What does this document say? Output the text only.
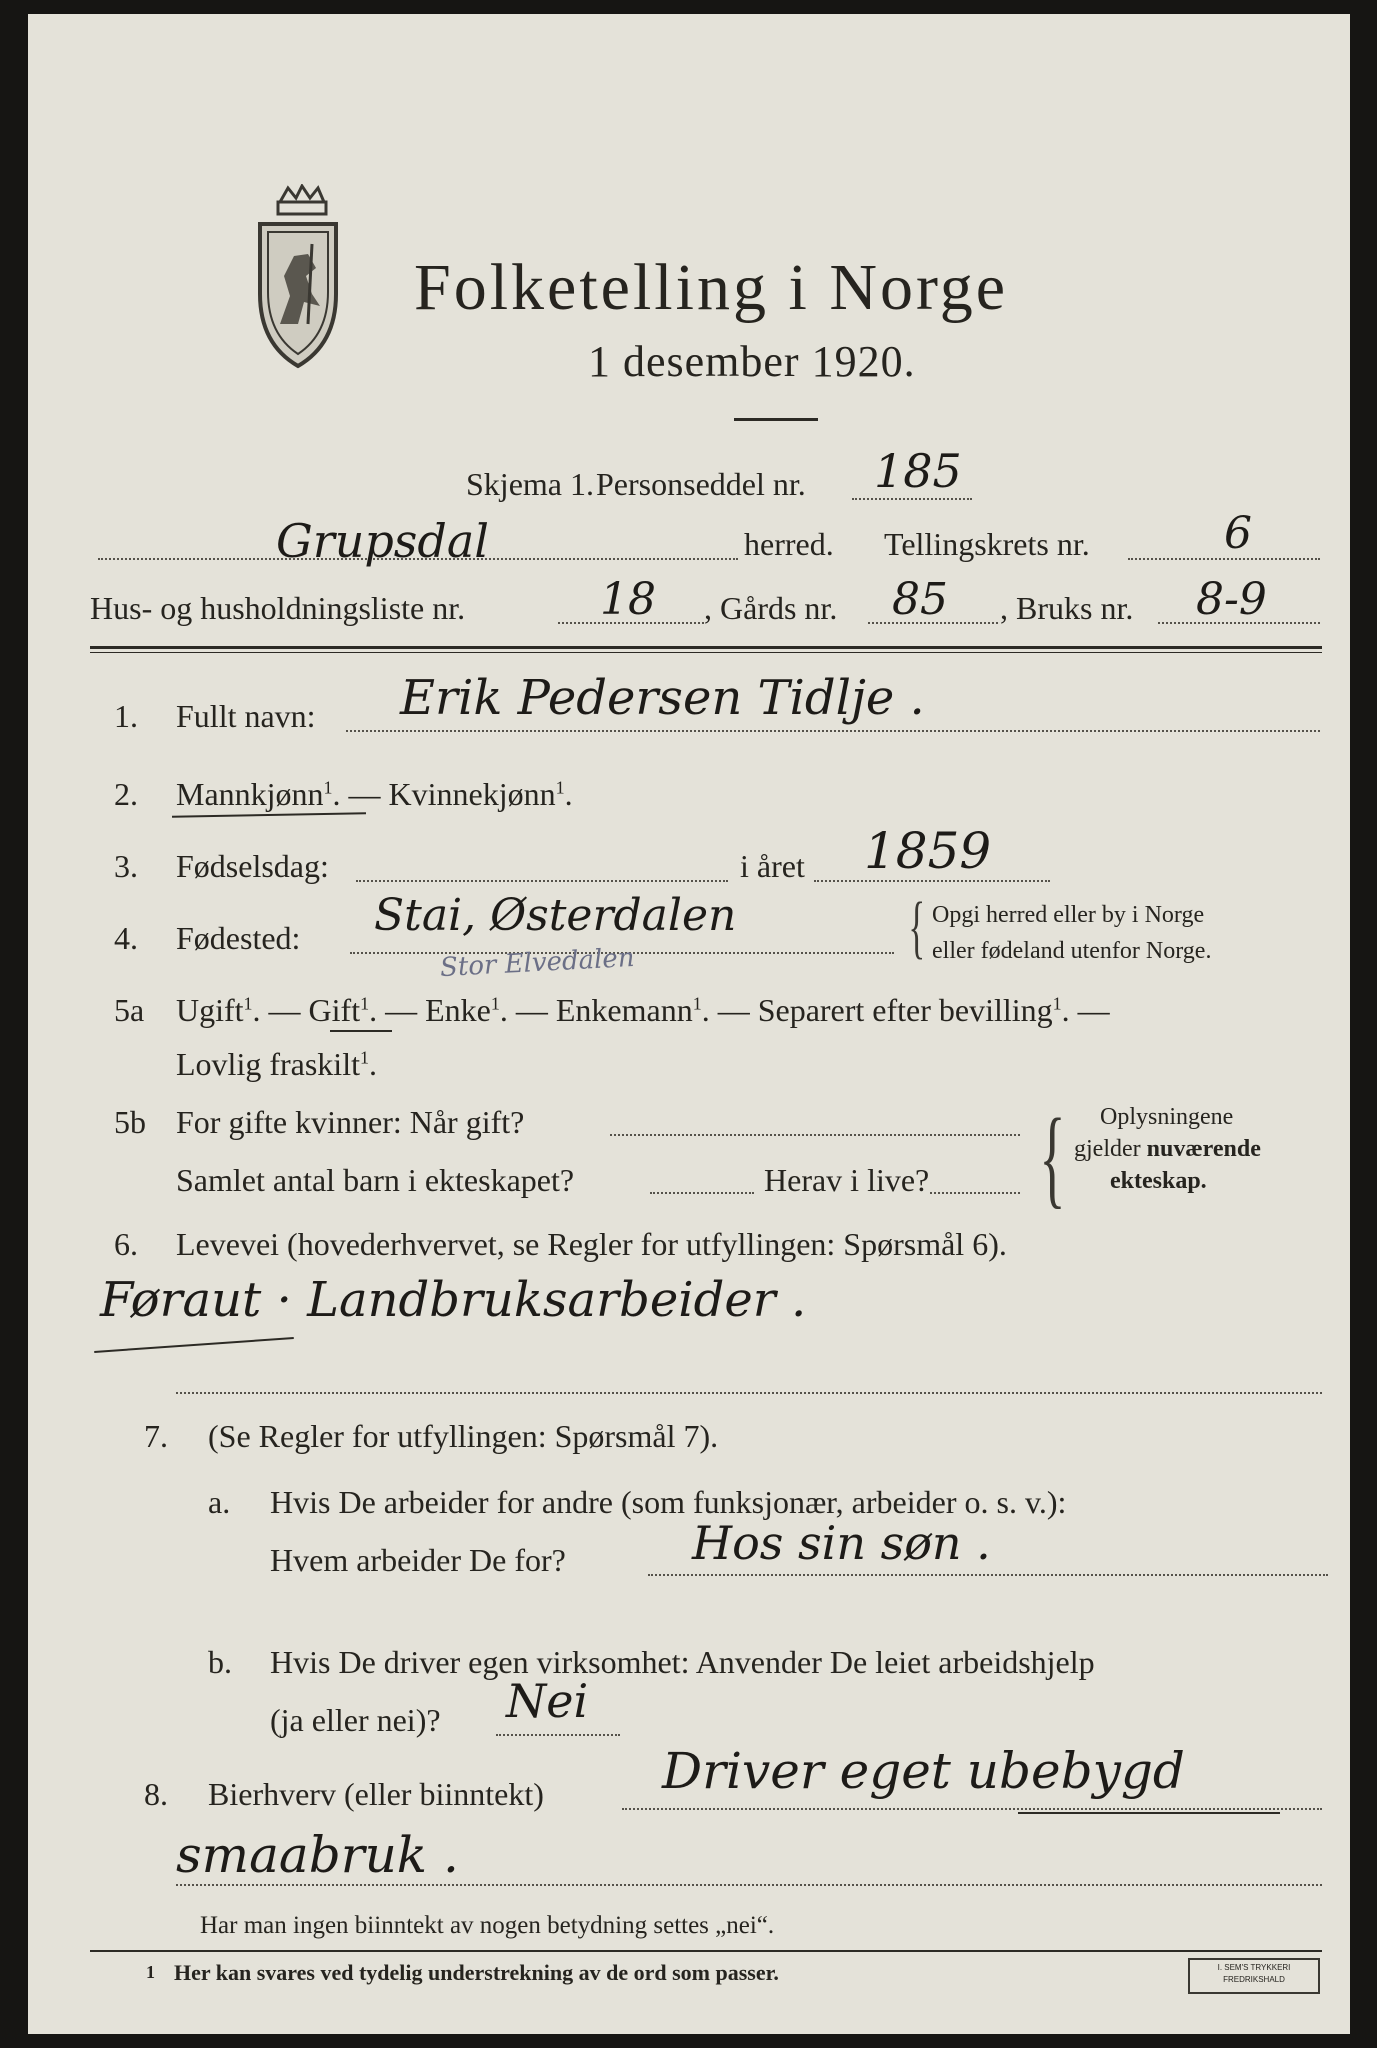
Folketelling i Norge
1 desember 1920.
Skjema 1. Personseddel nr. 185
Grupsdal	herred. Tellingskrets nr.	6
Hus- og husholdningsliste nr.	18 , Gårds nr. 85 , Bruks nr. 8-9
1. Fullt navn: Erik Pedersen Tidlje .
2. Mannkjønn$^1$. — Kvinnekjønn$^1$.
3. Fødselsdag:	i året 1859
4. Fødested: Stai, Østerdalen
Stor Elvedalen	{ Opgi herred eller by i Norge
eller fødeland utenfor Norge.
5a Ugift$^1$. — Gift$^1$. — Enke$^1$. — Enkemann$^1$. — Separert efter bevilling$^1$. —
Lovlig fraskilt$^1$.
5b For gifte kvinner: Når gift?
Samlet antal barn i ekteskapet?	Herav i live? { Oplysningene
gjelder nuværende
ekteskap.
6. Levevei (hovederhvervet, se Regler for utfyllingen: Spørsmål 6).
Føraut · Landbruksarbeider .
7. (Se Regler for utfyllingen: Spørsmål 7).
a. Hvis De arbeider for andre (som funksjonær, arbeider o. s. v.):
Hvem arbeider De for?	Hos sin søn .
b. Hvis De driver egen virksomhet: Anvender De leiet arbeidshjelp
(ja eller nei)? Nei
8. Bierhverv (eller biinntekt) Driver eget ubebygd
smaabruk .
Har man ingen biinntekt av nogen betydning settes „nei“.
1 Her kan svares ved tydelig understrekning av de ord som passer.	I. SEM'S TRYKKERI
FREDRIKSHALD
